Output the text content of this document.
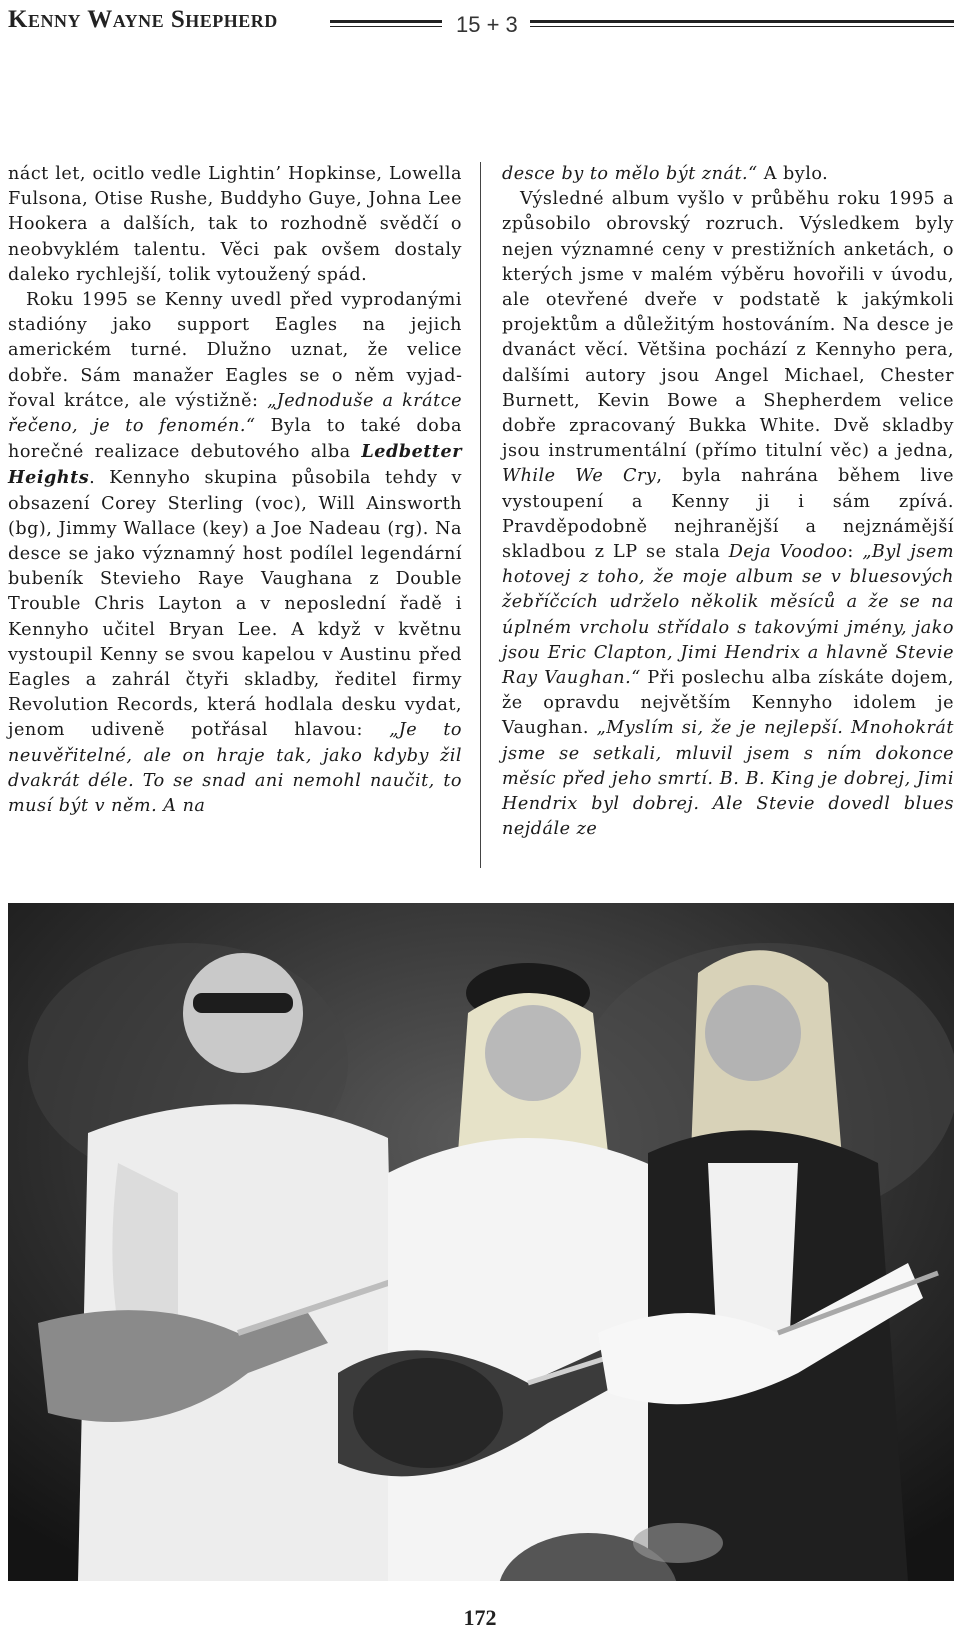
Kenny Wayne Shepherd	15 + 3

náct let, ocitlo vedle Lightin’ Hopkinse, Lowella Fulsona, Otise Rushe, Buddyho Guye, Johna Lee Hookera a dalších, tak to rozhodně svědčí o neobvyklém talentu. Věci pak ovšem dostaly daleko rychlejší, tolik vytoužený spád.

Roku 1995 se Kenny uvedl před vyprodanými stadióny jako support Eagles na jejich americkém turné. Dlužno uznat, že velice dobře. Sám manažer Eagles se o něm vyjadřoval krátce, ale výstižně: „Jednoduše a krátce řečeno, je to fenomén.“ Byla to také doba horečné realizace debutového alba Ledbetter Heights. Kennyho skupina působila tehdy v obsazení Corey Sterling (voc), Will Ainsworth (bg), Jimmy Wallace (key) a Joe Nadeau (rg). Na desce se jako významný host podílel legendární bubeník Stevieho Raye Vaughana z Double Trouble Chris Layton a v neposlední řadě i Kennyho učitel Bryan Lee. A když v květnu vystoupil Kenny se svou kapelou v Austinu před Eagles a zahrál čtyři skladby, ředitel firmy Revolution Records, která hodlala desku vydat, jenom udiveně potřásal hlavou: „Je to neuvěřitelné, ale on hraje tak, jako kdyby žil dvakrát déle. To se snad ani nemohl naučit, to musí být v něm. A na

desce by to mělo být znát.“ A bylo.

Výsledné album vyšlo v průběhu roku 1995 a způsobilo obrovský rozruch. Výsledkem byly nejen významné ceny v prestižních anketách, o kterých jsme v malém výběru hovořili v úvodu, ale otevřené dveře v podstatě k jakýmkoli projektům a důležitým hostováním. Na desce je dvanáct věcí. Většina pochází z Kennyho pera, dalšími autory jsou Angel Michael, Chester Burnett, Kevin Bowe a Shepherdem velice dobře zpracovaný Bukka White. Dvě skladby jsou instrumentální (přímo titulní věc) a jedna, While We Cry, byla nahrána během live vystoupení a Kenny ji i sám zpívá. Pravděpodobně nejhranější a nejznámější skladbou z LP se stala Deja Voodoo: „Byl jsem hotovej z toho, že moje album se v bluesových žebříčcích udrželo několik měsíců a že se na úplném vrcholu střídalo s takovými jmény, jako jsou Eric Clapton, Jimi Hendrix a hlavně Stevie Ray Vaughan.“ Při poslechu alba získáte dojem, že opravdu největším Kennyho idolem je Vaughan. „Myslím si, že je nejlepší. Mnohokrát jsme se setkali, mluvil jsem s ním dokonce měsíc před jeho smrtí. B. B. King je dobrej, Jimi Hendrix byl dobrej. Ale Stevie dovedl blues nejdále ze

172
